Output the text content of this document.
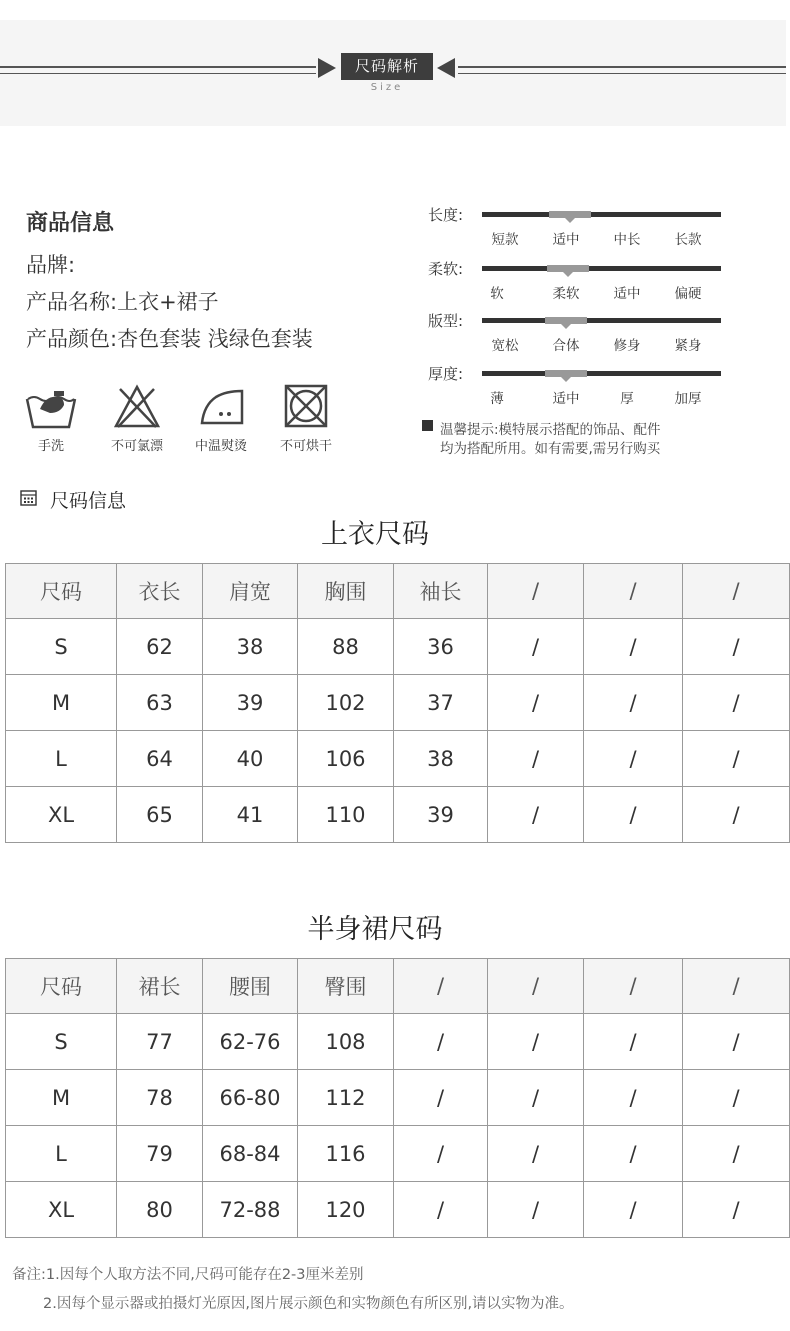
尺码解析
Size
商品信息
品牌:
产品名称:上衣+裙子
产品颜色:杏色套装 浅绿色套装
手洗	不可氯漂	中温熨烫	不可烘干
长度:
短款	适中	中长	长款
柔软:
软	柔软	适中	偏硬
版型:
宽松	合体	修身	紧身
厚度:
薄	适中	厚	加厚
温馨提示:模特展示搭配的饰品、配件
均为搭配所用。如有需要,需另行购买
尺码信息
上衣尺码
尺码	衣长	肩宽	胸围	袖长	/	/	/
S	62	38	88	36	/	/	/
M	63	39	102	37	/	/	/
L	64	40	106	38	/	/	/
XL	65	41	110	39	/	/	/
半身裙尺码
尺码	裙长	腰围	臀围	/	/	/	/
S	77	62-76	108	/	/	/	/
M	78	66-80	112	/	/	/	/
L	79	68-84	116	/	/	/	/
XL	80	72-88	120	/	/	/	/
备注:1.因每个人取方法不同,尺码可能存在2-3厘米差别
2.因每个显示器或拍摄灯光原因,图片展示颜色和实物颜色有所区别,请以实物为准。
